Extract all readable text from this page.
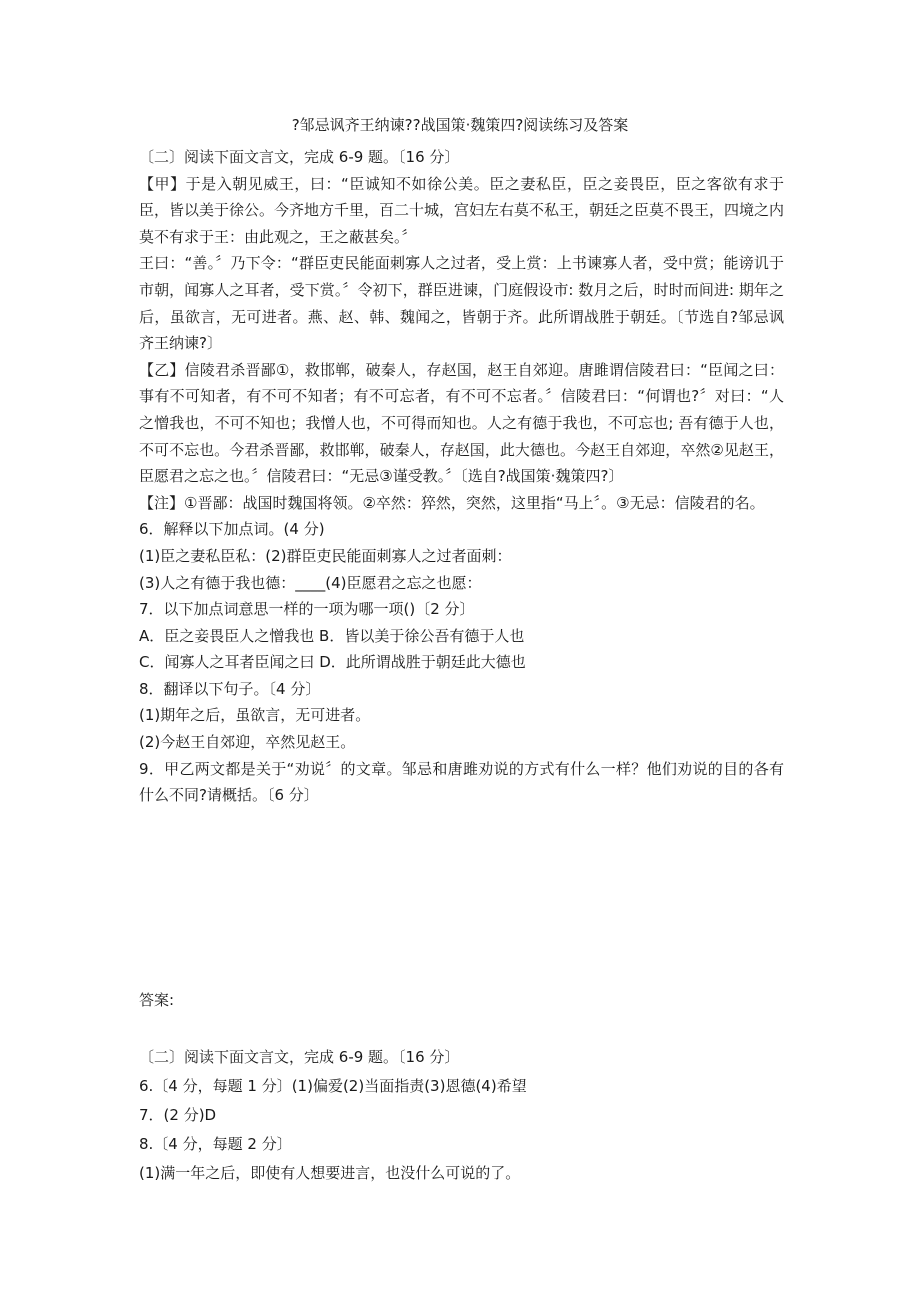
?邹忌讽齐王纳谏??战国策·魏策四?阅读练习及答案

〔二〕阅读下面文言文，完成 6-9 题。〔16 分〕

【甲】于是入朝见威王，曰：“臣诚知不如徐公美。臣之妻私臣，臣之妾畏臣，臣之客欲有求于臣，皆以美于徐公。今齐地方千里，百二十城，宫妇左右莫不私王，朝廷之臣莫不畏王，四境之内莫不有求于王：由此观之，王之蔽甚矣。〞

王曰：“善。〞乃下令：“群臣吏民能面刺寡人之过者，受上赏：上书谏寡人者，受中赏；能谤讥于市朝，闻寡人之耳者，受下赏。〞令初下，群臣进谏，门庭假设市: 数月之后，时时而间进: 期年之后，虽欲言，无可进者。燕、赵、韩、魏闻之，皆朝于齐。此所谓战胜于朝廷。〔节选自?邹忌讽齐王纳谏?〕

【乙】信陵君杀晋鄙①，救邯郸，破秦人，存赵国，赵王自郊迎。唐雎谓信陵君曰：“臣闻之曰：事有不可知者，有不可不知者；有不可忘者，有不可不忘者。〞信陵君曰：“何谓也?〞对曰：“人之憎我也，不可不知也；我憎人也，不可得而知也。人之有德于我也，不可忘也; 吾有德于人也，不可不忘也。今君杀晋鄙，救邯郸，破秦人，存赵国，此大德也。今赵王自郊迎，卒然②见赵王，臣愿君之忘之也。〞信陵君曰：“无忌③谨受教。〞〔选自?战国策·魏策四?〕

【注】①晋鄙：战国时魏国将领。②卒然：猝然，突然，这里指“马上〞。③无忌：信陵君的名。

6．解释以下加点词。(4 分)

(1)臣之妻私臣私：(2)群臣吏民能面刺寡人之过者面刺：

(3)人之有德于我也德：____(4)臣愿君之忘之也愿：

7．以下加点词意思一样的一项为哪一项()〔2 分〕

A．臣之妾畏臣人之憎我也 B．皆以美于徐公吾有德于人也

C．闻寡人之耳者臣闻之曰 D．此所谓战胜于朝廷此大德也

8．翻译以下句子。〔4 分〕

(1)期年之后，虽欲言，无可进者。

(2)今赵王自郊迎，卒然见赵王。

9．甲乙两文都是关于“劝说〞的文章。邹忌和唐雎劝说的方式有什么一样？他们劝说的目的各有什么不同?请概括。〔6 分〕

答案:

〔二〕阅读下面文言文，完成 6-9 题。〔16 分〕

6.〔4 分，每题 1 分〕(1)偏爱(2)当面指责(3)恩德(4)希望

7．(2 分)D

8.〔4 分，每题 2 分〕

(1)满一年之后，即使有人想要进言，也没什么可说的了。
